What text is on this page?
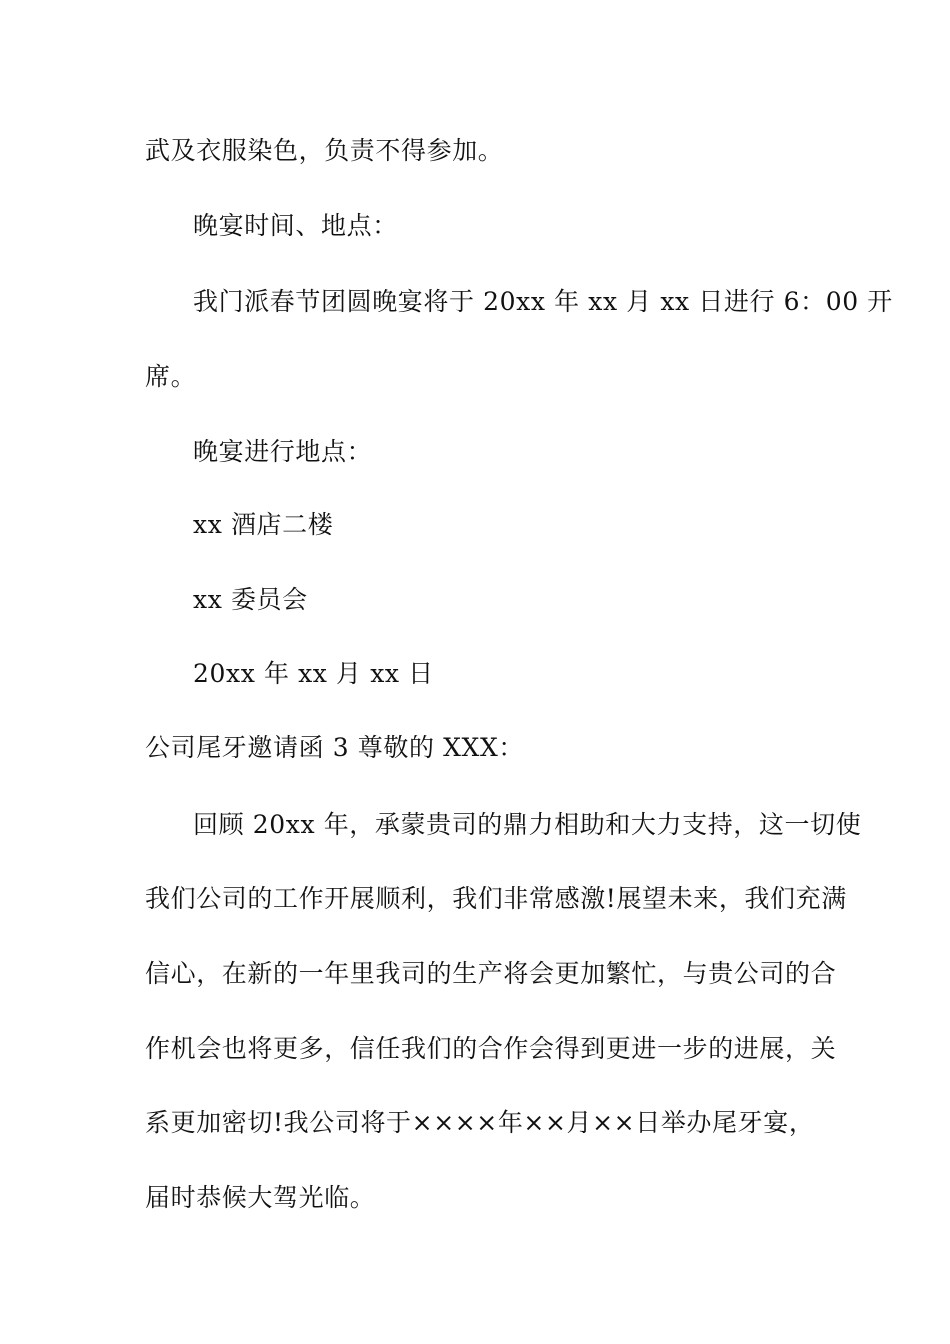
武及衣服染色，负责不得参加。
晚宴时间、地点：
我门派春节团圆晚宴将于 20xx 年 xx 月 xx 日进行 6：00 开
席。
晚宴进行地点：
xx 酒店二楼
xx 委员会
20xx 年 xx 月 xx 日
公司尾牙邀请函 3 尊敬的 XXX：
回顾 20xx 年，承蒙贵司的鼎力相助和大力支持，这一切使
我们公司的工作开展顺利，我们非常感激!展望未来，我们充满
信心，在新的一年里我司的生产将会更加繁忙，与贵公司的合
作机会也将更多，信任我们的合作会得到更进一步的进展，关
系更加密切!我公司将于××××年××月××日举办尾牙宴，
届时恭候大驾光临。
